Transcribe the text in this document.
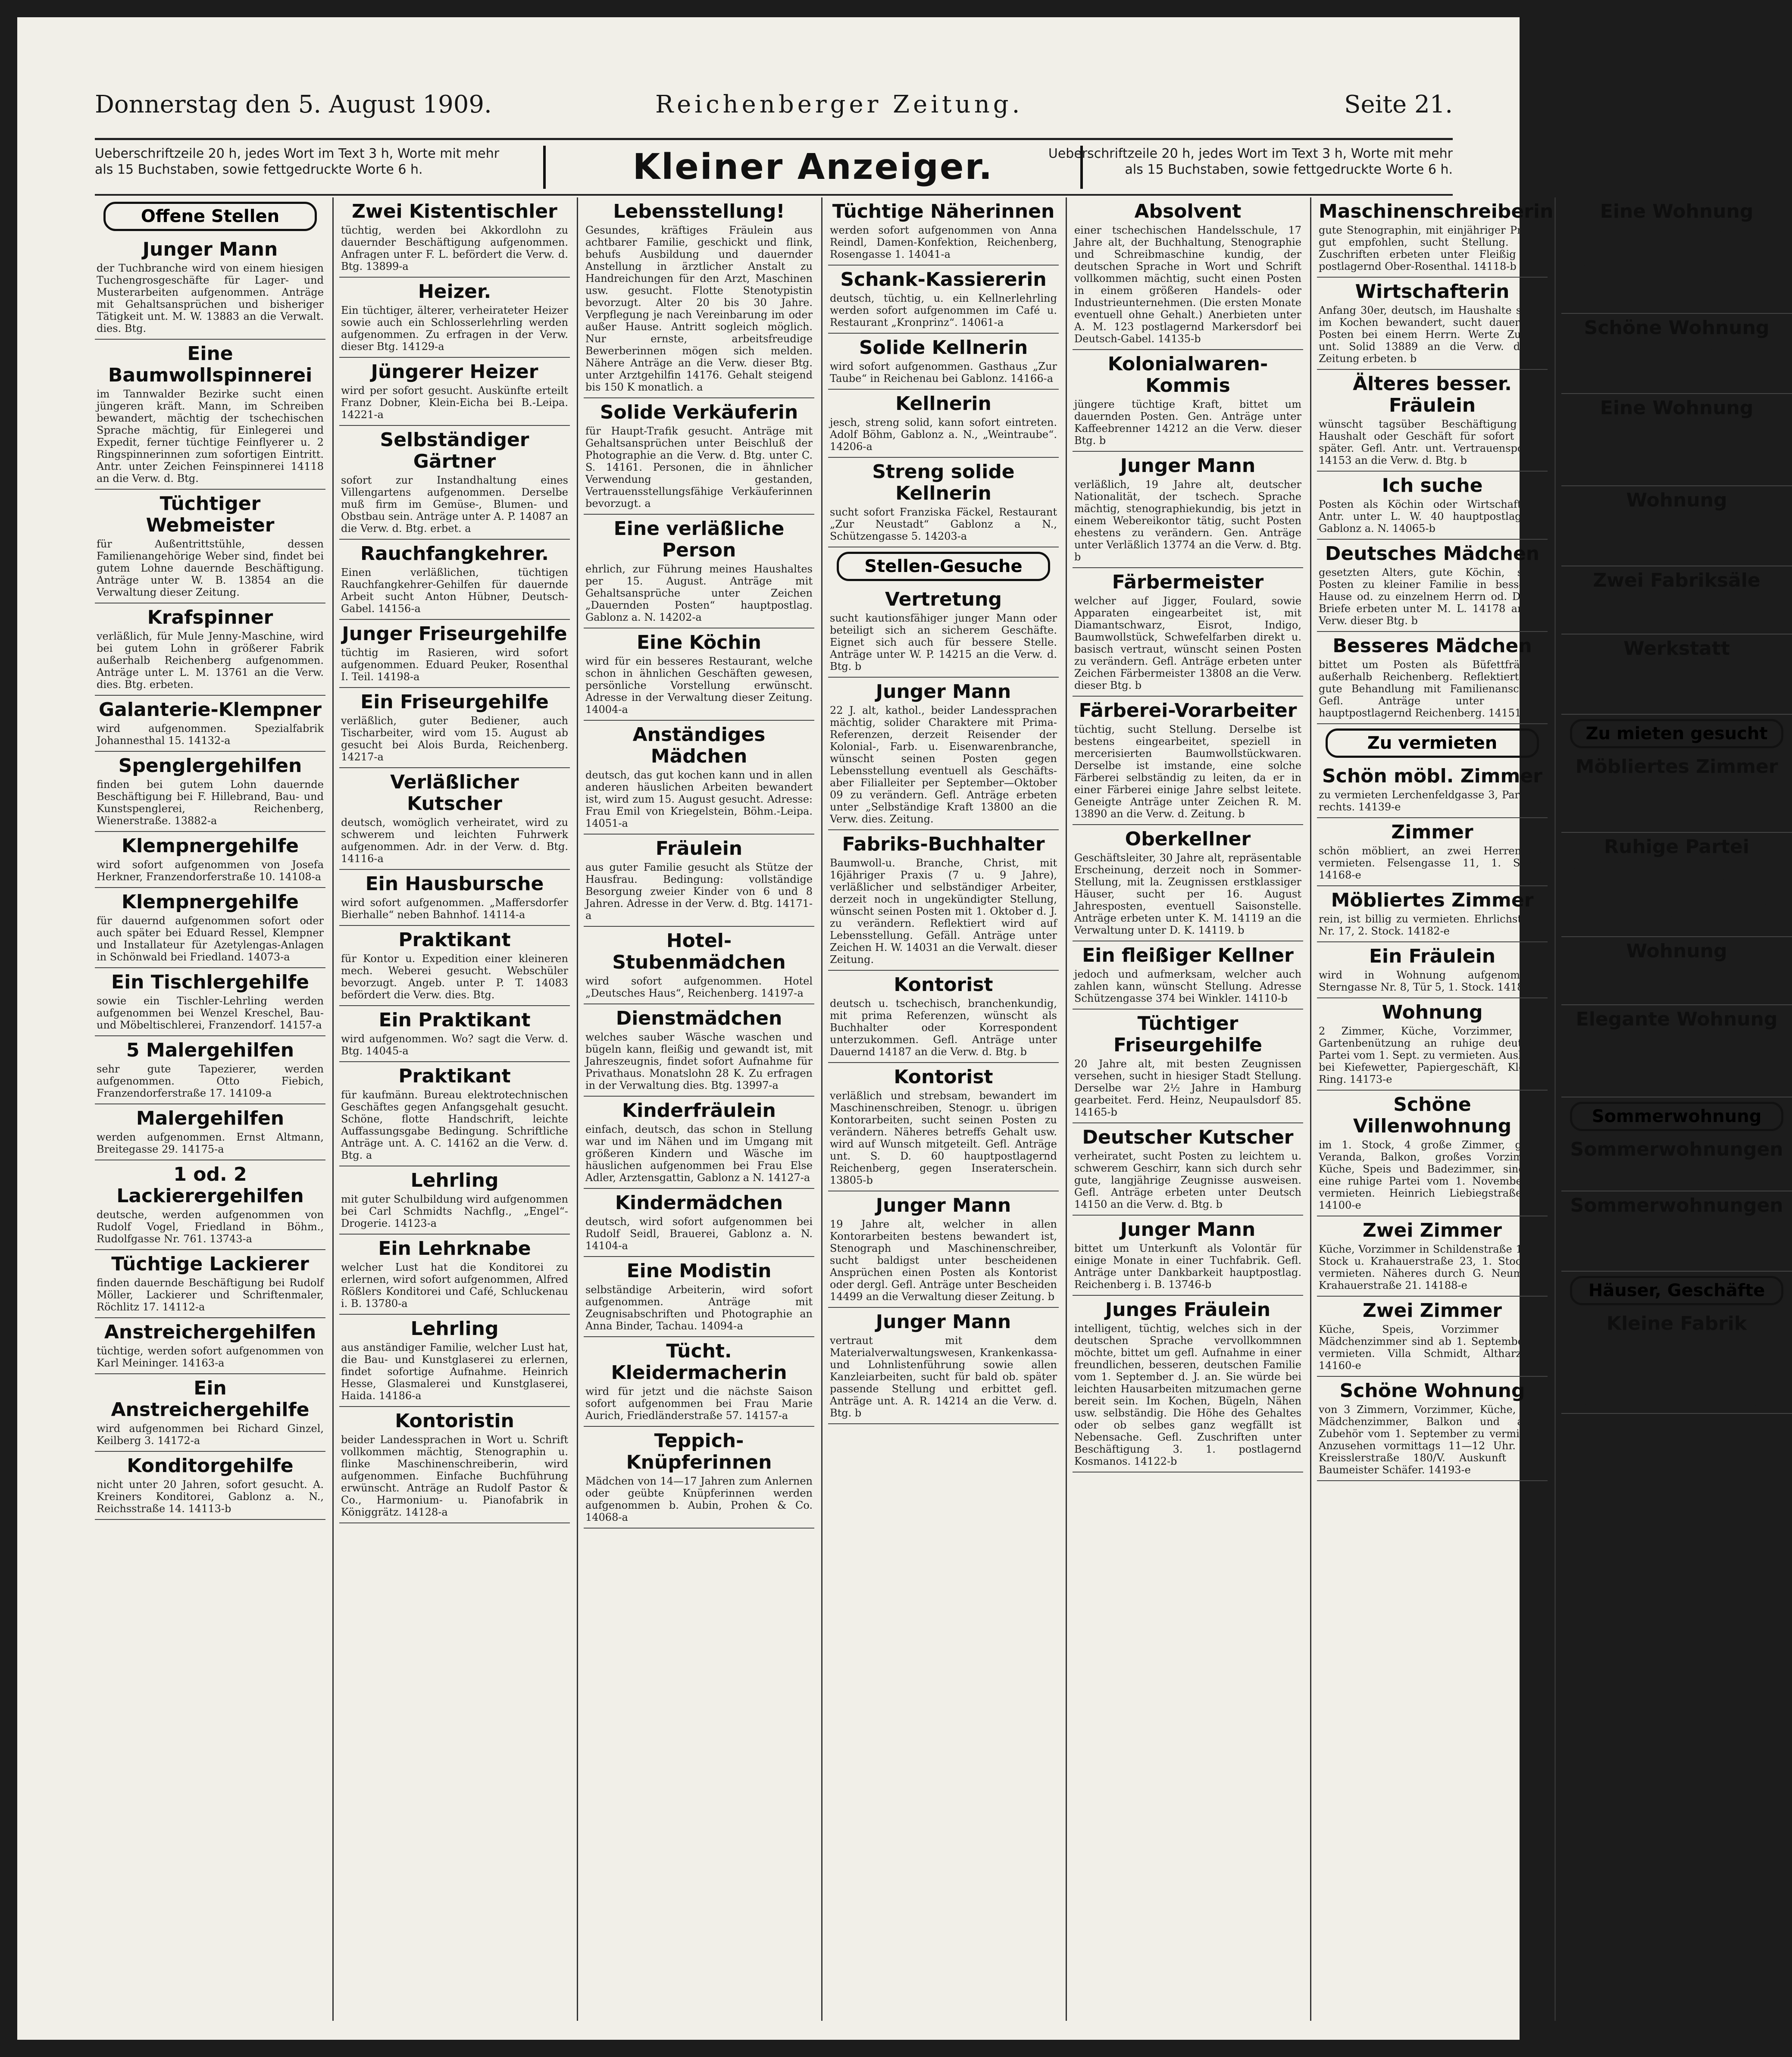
Donnerstag den 5. August 1909.	Reichenberger Zeitung.	Seite 21.
Ueberschriftzeile 20 h, jedes Wort im Text 3 h, Worte mit mehr als 15 Buchstaben, sowie fettgedruckte Worte 6 h.	Kleiner Anzeiger.	Ueberschriftzeile 20 h, jedes Wort im Text 3 h, Worte mit mehr als 15 Buchstaben, sowie fettgedruckte Worte 6 h.
Offene Stellen
Junger Mann

der Tuchbranche wird von einem hiesigen Tuchengrosgeschäfte für Lager- und Musterarbeiten aufgenommen. Anträge mit Gehaltsansprüchen und bisheriger Tätigkeit unt. M. W. 13883 an die Verwalt. dies. Btg.

Eine Baumwollspinnerei

im Tannwalder Bezirke sucht einen jüngeren kräft. Mann, im Schreiben bewandert, mächtig der tschechischen Sprache mächtig, für Einlegerei und Expedit, ferner tüchtige Feinflyerer u. 2 Ringspinnerinnen zum sofortigen Eintritt. Antr. unter Zeichen Feinspinnerei 14118 an die Verw. d. Btg.

Tüchtiger Webmeister

für Außentrittstühle, dessen Familienangehörige Weber sind, findet bei gutem Lohne dauernde Beschäftigung. Anträge unter W. B. 13854 an die Verwaltung dieser Zeitung.

Krafspinner

verläßlich, für Mule Jenny-Maschine, wird bei gutem Lohn in größerer Fabrik außerhalb Reichenberg aufgenommen. Anträge unter L. M. 13761 an die Verw. dies. Btg. erbeten.

Galanterie-Klempner

wird aufgenommen. Spezialfabrik Johannesthal 15. 14132-a

Spenglergehilfen

finden bei gutem Lohn dauernde Beschäftigung bei F. Hillebrand, Bau- und Kunstspenglerei, Reichenberg, Wienerstraße. 13882-a

Klempnergehilfe

wird sofort aufgenommen von Josefa Herkner, Franzendorferstraße 10. 14108-a

Klempnergehilfe

für dauernd aufgenommen sofort oder auch später bei Eduard Ressel, Klempner und Installateur für Azetylengas-Anlagen in Schönwald bei Friedland. 14073-a

Ein Tischlergehilfe

sowie ein Tischler-Lehrling werden aufgenommen bei Wenzel Kreschel, Bau- und Möbeltischlerei, Franzendorf. 14157-a

5 Malergehilfen

sehr gute Tapezierer, werden aufgenommen. Otto Fiebich, Franzendorferstraße 17. 14109-a

Malergehilfen

werden aufgenommen. Ernst Altmann, Breitegasse 29. 14175-a

1 od. 2 Lackierergehilfen

deutsche, werden aufgenommen von Rudolf Vogel, Friedland in Böhm., Rudolfgasse Nr. 761. 13743-a

Tüchtige Lackierer

finden dauernde Beschäftigung bei Rudolf Möller, Lackierer und Schriftenmaler, Röchlitz 17. 14112-a

Anstreichergehilfen

tüchtige, werden sofort aufgenommen von Karl Meininger. 14163-a

Ein Anstreichergehilfe

wird aufgenommen bei Richard Ginzel, Keilberg 3. 14172-a

Konditorgehilfe

nicht unter 20 Jahren, sofort gesucht. A. Kreiners Konditorei, Gablonz a. N., Reichsstraße 14. 14113-b

Zwei Kistentischler

tüchtig, werden bei Akkordlohn zu dauernder Beschäftigung aufgenommen. Anfragen unter F. L. befördert die Verw. d. Btg. 13899-a

Heizer.

Ein tüchtiger, älterer, verheirateter Heizer sowie auch ein Schlosserlehrling werden aufgenommen. Zu erfragen in der Verw. dieser Btg. 14129-a

Jüngerer Heizer

wird per sofort gesucht. Auskünfte erteilt Franz Dobner, Klein-Eicha bei B.-Leipa. 14221-a

Selbständiger Gärtner

sofort zur Instandhaltung eines Villengartens aufgenommen. Derselbe muß firm im Gemüse-, Blumen- und Obstbau sein. Anträge unter A. P. 14087 an die Verw. d. Btg. erbet. a

Rauchfangkehrer.

Einen verläßlichen, tüchtigen Rauchfangkehrer-Gehilfen für dauernde Arbeit sucht Anton Hübner, Deutsch-Gabel. 14156-a

Junger Friseurgehilfe

tüchtig im Rasieren, wird sofort aufgenommen. Eduard Peuker, Rosenthal I. Teil. 14198-a

Ein Friseurgehilfe

verläßlich, guter Bediener, auch Tischarbeiter, wird vom 15. August ab gesucht bei Alois Burda, Reichenberg. 14217-a

Verläßlicher Kutscher

deutsch, womöglich verheiratet, wird zu schwerem und leichten Fuhrwerk aufgenommen. Adr. in der Verw. d. Btg. 14116-a

Ein Hausbursche

wird sofort aufgenommen. „Maffersdorfer Bierhalle“ neben Bahnhof. 14114-a

Praktikant

für Kontor u. Expedition einer kleineren mech. Weberei gesucht. Webschüler bevorzugt. Angeb. unter P. T. 14083 befördert die Verw. dies. Btg.

Ein Praktikant

wird aufgenommen. Wo? sagt die Verw. d. Btg. 14045-a

Praktikant

für kaufmänn. Bureau elektrotechnischen Geschäftes gegen Anfangsgehalt gesucht. Schöne, flotte Handschrift, leichte Auffassungsgabe Bedingung. Schriftliche Anträge unt. A. C. 14162 an die Verw. d. Btg. a

Lehrling

mit guter Schulbildung wird aufgenommen bei Carl Schmidts Nachflg., „Engel“-Drogerie. 14123-a

Ein Lehrknabe

welcher Lust hat die Konditorei zu erlernen, wird sofort aufgenommen, Alfred Rößlers Konditorei und Café, Schluckenau i. B. 13780-a

Lehrling

aus anständiger Familie, welcher Lust hat, die Bau- und Kunstglaserei zu erlernen, findet sofortige Aufnahme. Heinrich Hesse, Glasmalerei und Kunstglaserei, Haida. 14186-a

Kontoristin

beider Landessprachen in Wort u. Schrift vollkommen mächtig, Stenographin u. flinke Maschinenschreiberin, wird aufgenommen. Einfache Buchführung erwünscht. Anträge an Rudolf Pastor & Co., Harmonium- u. Pianofabrik in Königgrätz. 14128-a

Lebensstellung!

Gesundes, kräftiges Fräulein aus achtbarer Familie, geschickt und flink, behufs Ausbildung und dauernder Anstellung in ärztlicher Anstalt zu Handreichungen für den Arzt, Maschinen usw. gesucht. Flotte Stenotypistin bevorzugt. Alter 20 bis 30 Jahre. Verpflegung je nach Vereinbarung im oder außer Hause. Antritt sogleich möglich. Nur ernste, arbeitsfreudige Bewerberinnen mögen sich melden. Nähere Anträge an die Verw. dieser Btg. unter Arztgehilfin 14176. Gehalt steigend bis 150 K monatlich. a

Solide Verkäuferin

für Haupt-Trafik gesucht. Anträge mit Gehaltsansprüchen unter Beischluß der Photographie an die Verw. d. Btg. unter C. S. 14161. Personen, die in ähnlicher Verwendung gestanden, Vertrauensstellungsfähige Verkäuferinnen bevorzugt. a

Eine verläßliche Person

ehrlich, zur Führung meines Haushaltes per 15. August. Anträge mit Gehaltsansprüche unter Zeichen „Dauernden Posten“ hauptpostlag. Gablonz a. N. 14202-a

Eine Köchin

wird für ein besseres Restaurant, welche schon in ähnlichen Geschäften gewesen, persönliche Vorstellung erwünscht. Adresse in der Verwaltung dieser Zeitung. 14004-a

Anständiges Mädchen

deutsch, das gut kochen kann und in allen anderen häuslichen Arbeiten bewandert ist, wird zum 15. August gesucht. Adresse: Frau Emil von Kriegelstein, Böhm.-Leipa. 14051-a

Fräulein

aus guter Familie gesucht als Stütze der Hausfrau. Bedingung: vollständige Besorgung zweier Kinder von 6 und 8 Jahren. Adresse in der Verw. d. Btg. 14171-a

Hotel-Stubenmädchen

wird sofort aufgenommen. Hotel „Deutsches Haus“, Reichenberg. 14197-a

Dienstmädchen

welches sauber Wäsche waschen und bügeln kann, fleißig und gewandt ist, mit Jahreszeugnis, findet sofort Aufnahme für Privathaus. Monatslohn 28 K. Zu erfragen in der Verwaltung dies. Btg. 13997-a

Kinderfräulein

einfach, deutsch, das schon in Stellung war und im Nähen und im Umgang mit größeren Kindern und Wäsche im häuslichen aufgenommen bei Frau Else Adler, Arztensgattin, Gablonz a N. 14127-a

Kindermädchen

deutsch, wird sofort aufgenommen bei Rudolf Seidl, Brauerei, Gablonz a. N. 14104-a

Eine Modistin

selbständige Arbeiterin, wird sofort aufgenommen. Anträge mit Zeugnisabschriften und Photographie an Anna Binder, Tachau. 14094-a

Tücht. Kleidermacherin

wird für jetzt und die nächste Saison sofort aufgenommen bei Frau Marie Aurich, Friedländerstraße 57. 14157-a

Teppich-Knüpferinnen

Mädchen von 14—17 Jahren zum Anlernen oder geübte Knüpferinnen werden aufgenommen b. Aubin, Prohen & Co. 14068-a

Tüchtige Näherinnen

werden sofort aufgenommen von Anna Reindl, Damen-Konfektion, Reichenberg, Rosengasse 1. 14041-a

Schank-Kassiererin

deutsch, tüchtig, u. ein Kellnerlehrling werden sofort aufgenommen im Café u. Restaurant „Kronprinz“. 14061-a

Solide Kellnerin

wird sofort aufgenommen. Gasthaus „Zur Taube“ in Reichenau bei Gablonz. 14166-a

Kellnerin

jesch, streng solid, kann sofort eintreten. Adolf Böhm, Gablonz a. N., „Weintraube“. 14206-a

Streng solide Kellnerin

sucht sofort Franziska Fäckel, Restaurant „Zur Neustadt“ Gablonz a N., Schützengasse 5. 14203-a

Stellen-Gesuche
Vertretung

sucht kautionsfähiger junger Mann oder beteiligt sich an sicherem Geschäfte. Eignet sich auch für bessere Stelle. Anträge unter W. P. 14215 an die Verw. d. Btg. b

Junger Mann

22 J. alt, kathol., beider Landessprachen mächtig, solider Charaktere mit Prima-Referenzen, derzeit Reisender der Kolonial-, Farb. u. Eisenwarenbranche, wünscht seinen Posten gegen Lebensstellung eventuell als Geschäfts- aber Filialleiter per September—Oktober 09 zu verändern. Gefl. Anträge erbeten unter „Selbständige Kraft 13800 an die Verw. dies. Zeitung.

Fabriks-Buchhalter

Baumwoll-u. Branche, Christ, mit 16jähriger Praxis (7 u. 9 Jahre), verläßlicher und selbständiger Arbeiter, derzeit noch in ungekündigter Stellung, wünscht seinen Posten mit 1. Oktober d. J. zu verändern. Reflektiert wird auf Lebensstellung. Gefäll. Anträge unter Zeichen H. W. 14031 an die Verwalt. dieser Zeitung.

Kontorist

deutsch u. tschechisch, branchenkundig, mit prima Referenzen, wünscht als Buchhalter oder Korrespondent unterzukommen. Gefl. Anträge unter Dauernd 14187 an die Verw. d. Btg. b

Kontorist

verläßlich und strebsam, bewandert im Maschinenschreiben, Stenogr. u. übrigen Kontorarbeiten, sucht seinen Posten zu verändern. Näheres betreffs Gehalt usw. wird auf Wunsch mitgeteilt. Gefl. Anträge unt. S. D. 60 hauptpostlagernd Reichenberg, gegen Inseraterschein. 13805-b

Junger Mann

19 Jahre alt, welcher in allen Kontorarbeiten bestens bewandert ist, Stenograph und Maschinenschreiber, sucht baldigst unter bescheidenen Ansprüchen einen Posten als Kontorist oder dergl. Gefl. Anträge unter Bescheiden 14499 an die Verwaltung dieser Zeitung. b

Junger Mann

vertraut mit dem Materialverwaltungswesen, Krankenkassa- und Lohnlistenführung sowie allen Kanzleiarbeiten, sucht für bald ob. später passende Stellung und erbittet gefl. Anträge unt. A. R. 14214 an die Verw. d. Btg. b

Absolvent

einer tschechischen Handelsschule, 17 Jahre alt, der Buchhaltung, Stenographie und Schreibmaschine kundig, der deutschen Sprache in Wort und Schrift vollkommen mächtig, sucht einen Posten in einem größeren Handels- oder Industrieunternehmen. (Die ersten Monate eventuell ohne Gehalt.) Anerbieten unter A. M. 123 postlagernd Markersdorf bei Deutsch-Gabel. 14135-b

Kolonialwaren-Kommis

jüngere tüchtige Kraft, bittet um dauernden Posten. Gen. Anträge unter Kaffeebrenner 14212 an die Verw. dieser Btg. b

Junger Mann

verläßlich, 19 Jahre alt, deutscher Nationalität, der tschech. Sprache mächtig, stenographiekundig, bis jetzt in einem Webereikontor tätig, sucht Posten ehestens zu verändern. Gen. Anträge unter Verläßlich 13774 an die Verw. d. Btg. b

Färbermeister

welcher auf Jigger, Foulard, sowie Apparaten eingearbeitet ist, mit Diamantschwarz, Eisrot, Indigo, Baumwollstück, Schwefelfarben direkt u. basisch vertraut, wünscht seinen Posten zu verändern. Gefl. Anträge erbeten unter Zeichen Färbermeister 13808 an die Verw. dieser Btg. b

Färberei-Vorarbeiter

tüchtig, sucht Stellung. Derselbe ist bestens eingearbeitet, speziell in mercerisierten Baumwollstückwaren. Derselbe ist imstande, eine solche Färberei selbständig zu leiten, da er in einer Färberei einige Jahre selbst leitete. Geneigte Anträge unter Zeichen R. M. 13890 an die Verw. d. Zeitung. b

Oberkellner

Geschäftsleiter, 30 Jahre alt, repräsentable Erscheinung, derzeit noch in Sommer-Stellung, mit la. Zeugnissen erstklassiger Häuser, sucht per 16. August Jahresposten, eventuell Saisonstelle. Anträge erbeten unter K. M. 14119 an die Verwaltung unter D. K. 14119. b

Ein fleißiger Kellner

jedoch und aufmerksam, welcher auch zahlen kann, wünscht Stellung. Adresse Schützengasse 374 bei Winkler. 14110-b

Tüchtiger Friseurgehilfe

20 Jahre alt, mit besten Zeugnissen versehen, sucht in hiesiger Stadt Stellung. Derselbe war 2½ Jahre in Hamburg gearbeitet. Ferd. Heinz, Neupaulsdorf 85. 14165-b

Deutscher Kutscher

verheiratet, sucht Posten zu leichtem u. schwerem Geschirr, kann sich durch sehr gute, langjährige Zeugnisse ausweisen. Gefl. Anträge erbeten unter Deutsch 14150 an die Verw. d. Btg. b

Junger Mann

bittet um Unterkunft als Volontär für einige Monate in einer Tuchfabrik. Gefl. Anträge unter Dankbarkeit hauptpostlag. Reichenberg i. B. 13746-b

Junges Fräulein

intelligent, tüchtig, welches sich in der deutschen Sprache vervollkommnen möchte, bittet um gefl. Aufnahme in einer freundlichen, besseren, deutschen Familie vom 1. September d. J. an. Sie würde bei leichten Hausarbeiten mitzumachen gerne bereit sein. Im Kochen, Bügeln, Nähen usw. selbständig. Die Höhe des Gehaltes oder ob selbes ganz wegfällt ist Nebensache. Gefl. Zuschriften unter Beschäftigung 3. 1. postlagernd Kosmanos. 14122-b

Maschinenschreiberin

gute Stenographin, mit einjähriger Praxis, gut empfohlen, sucht Stellung. Gefl. Zuschriften erbeten unter Fleißig 700 postlagernd Ober-Rosenthal. 14118-b

Wirtschafterin

Anfang 30er, deutsch, im Haushalte sowie im Kochen bewandert, sucht dauernden Posten bei einem Herrn. Werte Zuschr. unt. Solid 13889 an die Verw. dieser Zeitung erbeten. b

Älteres besser. Fräulein

wünscht tagsüber Beschäftigung im Haushalt oder Geschäft für sofort oder später. Gefl. Antr. unt. Vertrauensposten 14153 an die Verw. d. Btg. b

Ich suche

Posten als Köchin oder Wirtschafterin. Antr. unter L. W. 40 hauptpostlagernd Gablonz a. N. 14065-b

Deutsches Mädchen

gesetzten Alters, gute Köchin, sucht Posten zu kleiner Familie in besserem Hause od. zu einzelnem Herrn od. Dame. Briefe erbeten unter M. L. 14178 an die Verw. dieser Btg. b

Besseres Mädchen

bittet um Posten als Büfettfräulein außerhalb Reichenberg. Reflektiert auf gute Behandlung mit Familienanschluß. Gefl. Anträge unter Reell hauptpostlagernd Reichenberg. 14151-b

Zu vermieten
Schön möbl. Zimmer

zu vermieten Lerchenfeldgasse 3, Parterre rechts. 14139-e

Zimmer

schön möbliert, an zwei Herren zu vermieten. Felsengasse 11, 1. Stock. 14168-e

Möbliertes Zimmer

rein, ist billig zu vermieten. Ehrlichstraße Nr. 17, 2. Stock. 14182-e

Ein Fräulein

wird in Wohnung aufgenommen. Sterngasse Nr. 8, Tür 5, 1. Stock. 14185-e

Wohnung

2 Zimmer, Küche, Vorzimmer, mit Gartenbenützung an ruhige deutsche Partei vom 1. Sept. zu vermieten. Auskunft bei Kiefewetter, Papiergeschäft, Kleiner Ring. 14173-e

Schöne Villenwohnung

im 1. Stock, 4 große Zimmer, große Veranda, Balkon, großes Vorzimmer, Küche, Speis und Badezimmer, sind an eine ruhige Partei vom 1. November zu vermieten. Heinrich Liebiegstraße 2. 14100-e

Zwei Zimmer

Küche, Vorzimmer in Schildenstraße 19, 2. Stock u. Krahauerstraße 23, 1. Stock zu vermieten. Näheres durch G. Neumann, Krahauerstraße 21. 14188-e

Zwei Zimmer

Küche, Speis, Vorzimmer und Mädchenzimmer sind ab 1. September zu vermieten. Villa Schmidt, Altharzdorf. 14160-e

Schöne Wohnung

von 3 Zimmern, Vorzimmer, Küche, Bad, Mädchenzimmer, Balkon und allem Zubehör vom 1. September zu vermieten. Anzusehen vormittags 11—12 Uhr. Karl Kreisslerstraße 180/V. Auskunft beim Baumeister Schäfer. 14193-e

Eine Wohnung

elegant, sonnig, 1 großes, 2 kleine und Vorzimmer, Küche, Bad, Mansarde, mit allem Zubehör, Balkon, Wasser im Hause, Parkanlage; weiters 1 einzelnes großes Zimmer mit Kochofen, mit allem Zubehör im Neu-Paulsdorf bei der Schule. Zu erfragen bei Johann Seibt Nr. 56. 14190-e

Schöne Wohnung

im 1. Stock, bestehend aus 1 Küche, 1 Vorzimmer, 4 Zimmern u. 1 Badezimmer sowie 1 Dachzimmer, zu vermieten. Eisnerstraße 8. 14080-e

Eine Wohnung

mit 2 Zimmern, Küche, Vorzimmer u. Zugehör, im 1. St., Wasser im Hause, vom Bahnhofe ab 1. September zu vermieten. Näheres in der Verwalt. dieser Zeitung. 14092-e

Wohnung

bestehend aus 2 Zimmern Küche und Vorzimmer, im 1. Stock, ab 15. August zu vermieten. Zu erfragen Zillergasse 8. 14093-e

Zwei Fabriksäle

sind mit Kraftabgabe zu vermieten, eventuell zu verkaufen. Auskunft erteilt Josef Kolf, Hanichenerstraße. 249-e

Werkstatt

samt Wohnung in Mitten der Stadt, für Tischler, Schlosser ob. Klempner zu vermieten. Adresse: Felsenstraße Nr. 4, 2. Stock. 14189-e

Zu mieten gesucht
Möbliertes Zimmer

womöglich mit ganzer Verpflegung suchen 2 junge Herren sofort. Gefl. Anträge mit Preisangabe unter M. A. 14174 an die Verwalt. dieser Zeitung. f

Ruhige Partei

(junges, kinderloses Ehepaar), sucht eine Wohnung, bestehend aus 2 Zimmern, Küche, Vorzimmer, event. mit Speis, ab 1. September zu mieten. Gefl. Anträge unter Baumeister 14169 an die Verwalt. dieser Zeitung. f

Wohnung

mit 1. Oktober 1909 für Einz.-Freiw. gesucht. Freundliche Anträge erbeten unter C. R. 14159 an die Verw. d. Btg. f

Elegante Wohnung

3—4 Zimmer und Zugehör von älterem, alleinstehend. Herrn zu mieten gesucht. Möglichst 1. Stock u. sonnige Lage. Gefl. Zuschr. an die Verwaltung dies. Zeitung unter A. B. 13790. f

Sommerwohnung
Sommerwohnungen

im Kurhause Bad Maffersdorfer Sauerbrunn zu haben. 13238-p

Sommerwohnungen

schöne, für Kurgäste sowie Sommerfrischler finden bequemste gute Aufnahme. Karthäuser Nr. 5 bei Liebwerda. 13845-p

Häuser, Geschäfte
Kleine Fabrik

an der Zittau-Reichenberger Bahn, 25 PS Wasser, 30 PS Sauggasmotor, mit 3 Stock Gebäuden, Preis 3000 K! für kleine Industrie geeignet. Die Wasserkraft kann auf 48 PS erhöht werden. Anträge unter W. L. 12519 an die Verwalt. dieser Zeitung. h
